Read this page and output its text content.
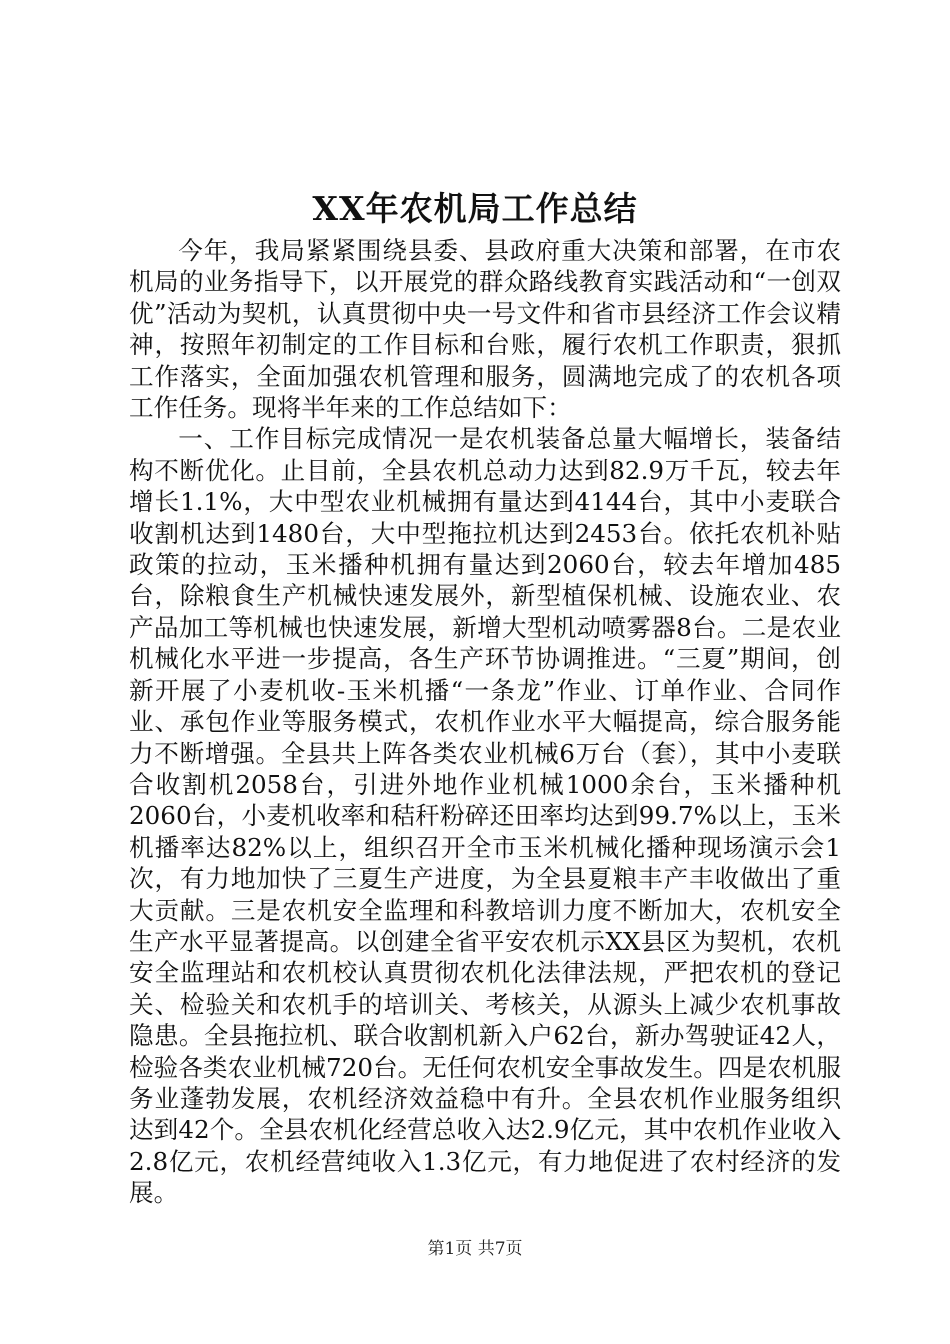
XX年农机局工作总结

今年，我局紧紧围绕县委、县政府重大决策和部署，在市农机局的业务指导下，以开展党的群众路线教育实践活动和“一创双优”活动为契机，认真贯彻中央一号文件和省市县经济工作会议精神，按照年初制定的工作目标和台账，履行农机工作职责，狠抓工作落实，全面加强农机管理和服务，圆满地完成了的农机各项工作任务。现将半年来的工作总结如下：

一、工作目标完成情况一是农机装备总量大幅增长，装备结构不断优化。止目前，全县农机总动力达到82.9万千瓦，较去年增长1.1%，大中型农业机械拥有量达到4144台，其中小麦联合收割机达到1480台，大中型拖拉机达到2453台。依托农机补贴政策的拉动，玉米播种机拥有量达到2060台，较去年增加485台，除粮食生产机械快速发展外，新型植保机械、设施农业、农产品加工等机械也快速发展，新增大型机动喷雾器8台。二是农业机械化水平进一步提高，各生产环节协调推进。“三夏”期间，创新开展了小麦机收-玉米机播“一条龙”作业、订单作业、合同作业、承包作业等服务模式，农机作业水平大幅提高，综合服务能力不断增强。全县共上阵各类农业机械6万台（套），其中小麦联合收割机2058台，引进外地作业机械1000余台，玉米播种机2060台，小麦机收率和秸秆粉碎还田率均达到99.7%以上，玉米机播率达82%以上，组织召开全市玉米机械化播种现场演示会1次，有力地加快了三夏生产进度，为全县夏粮丰产丰收做出了重大贡献。三是农机安全监理和科教培训力度不断加大，农机安全生产水平显著提高。以创建全省平安农机示XX县区为契机，农机安全监理站和农机校认真贯彻农机化法律法规，严把农机的登记关、检验关和农机手的培训关、考核关，从源头上减少农机事故隐患。全县拖拉机、联合收割机新入户62台，新办驾驶证42人，检验各类农业机械720台。无任何农机安全事故发生。四是农机服务业蓬勃发展，农机经济效益稳中有升。全县农机作业服务组织达到42个。全县农机化经营总收入达2.9亿元，其中农机作业收入2.8亿元，农机经营纯收入1.3亿元，有力地促进了农村经济的发展。

第1页 共7页
